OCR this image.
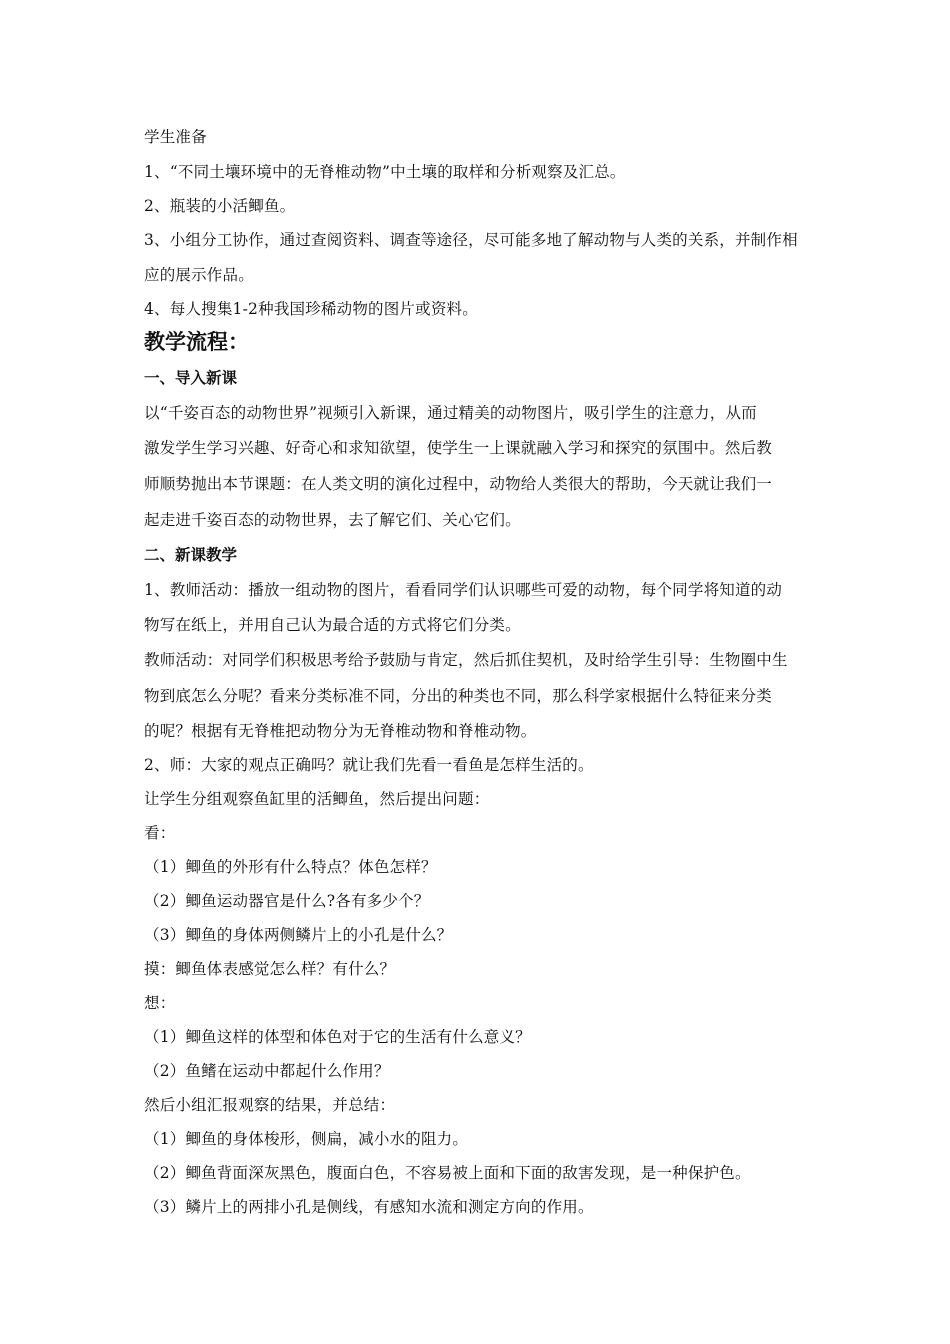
学生准备
1、“不同土壤环境中的无脊椎动物”中土壤的取样和分析观察及汇总。
2、瓶装的小活鲫鱼。
3、小组分工协作，通过查阅资料、调查等途径，尽可能多地了解动物与人类的关系，并制作相
应的展示作品。
4、每人搜集1-2种我国珍稀动物的图片或资料。
教学流程：
一、导入新课
以“千姿百态的动物世界”视频引入新课，通过精美的动物图片，吸引学生的注意力，从而
激发学生学习兴趣、好奇心和求知欲望，使学生一上课就融入学习和探究的氛围中。然后教
师顺势抛出本节课题：在人类文明的演化过程中，动物给人类很大的帮助，今天就让我们一
起走进千姿百态的动物世界，去了解它们、关心它们。
二、新课教学
1、教师活动：播放一组动物的图片，看看同学们认识哪些可爱的动物，每个同学将知道的动
物写在纸上，并用自己认为最合适的方式将它们分类。
教师活动：对同学们积极思考给予鼓励与肯定，然后抓住契机，及时给学生引导：生物圈中生
物到底怎么分呢？看来分类标准不同，分出的种类也不同，那么科学家根据什么特征来分类
的呢？根据有无脊椎把动物分为无脊椎动物和脊椎动物。
2、师：大家的观点正确吗？就让我们先看一看鱼是怎样生活的。
让学生分组观察鱼缸里的活鲫鱼，然后提出问题：
看：
（1）鲫鱼的外形有什么特点？体色怎样？
（2）鲫鱼运动器官是什么?各有多少个？
（3）鲫鱼的身体两侧鳞片上的小孔是什么？
摸：鲫鱼体表感觉怎么样？有什么？
想：
（1）鲫鱼这样的体型和体色对于它的生活有什么意义？
（2）鱼鳍在运动中都起什么作用？
然后小组汇报观察的结果，并总结：
（1）鲫鱼的身体梭形，侧扁，减小水的阻力。
（2）鲫鱼背面深灰黑色，腹面白色，不容易被上面和下面的敌害发现，是一种保护色。
（3）鳞片上的两排小孔是侧线，有感知水流和测定方向的作用。
